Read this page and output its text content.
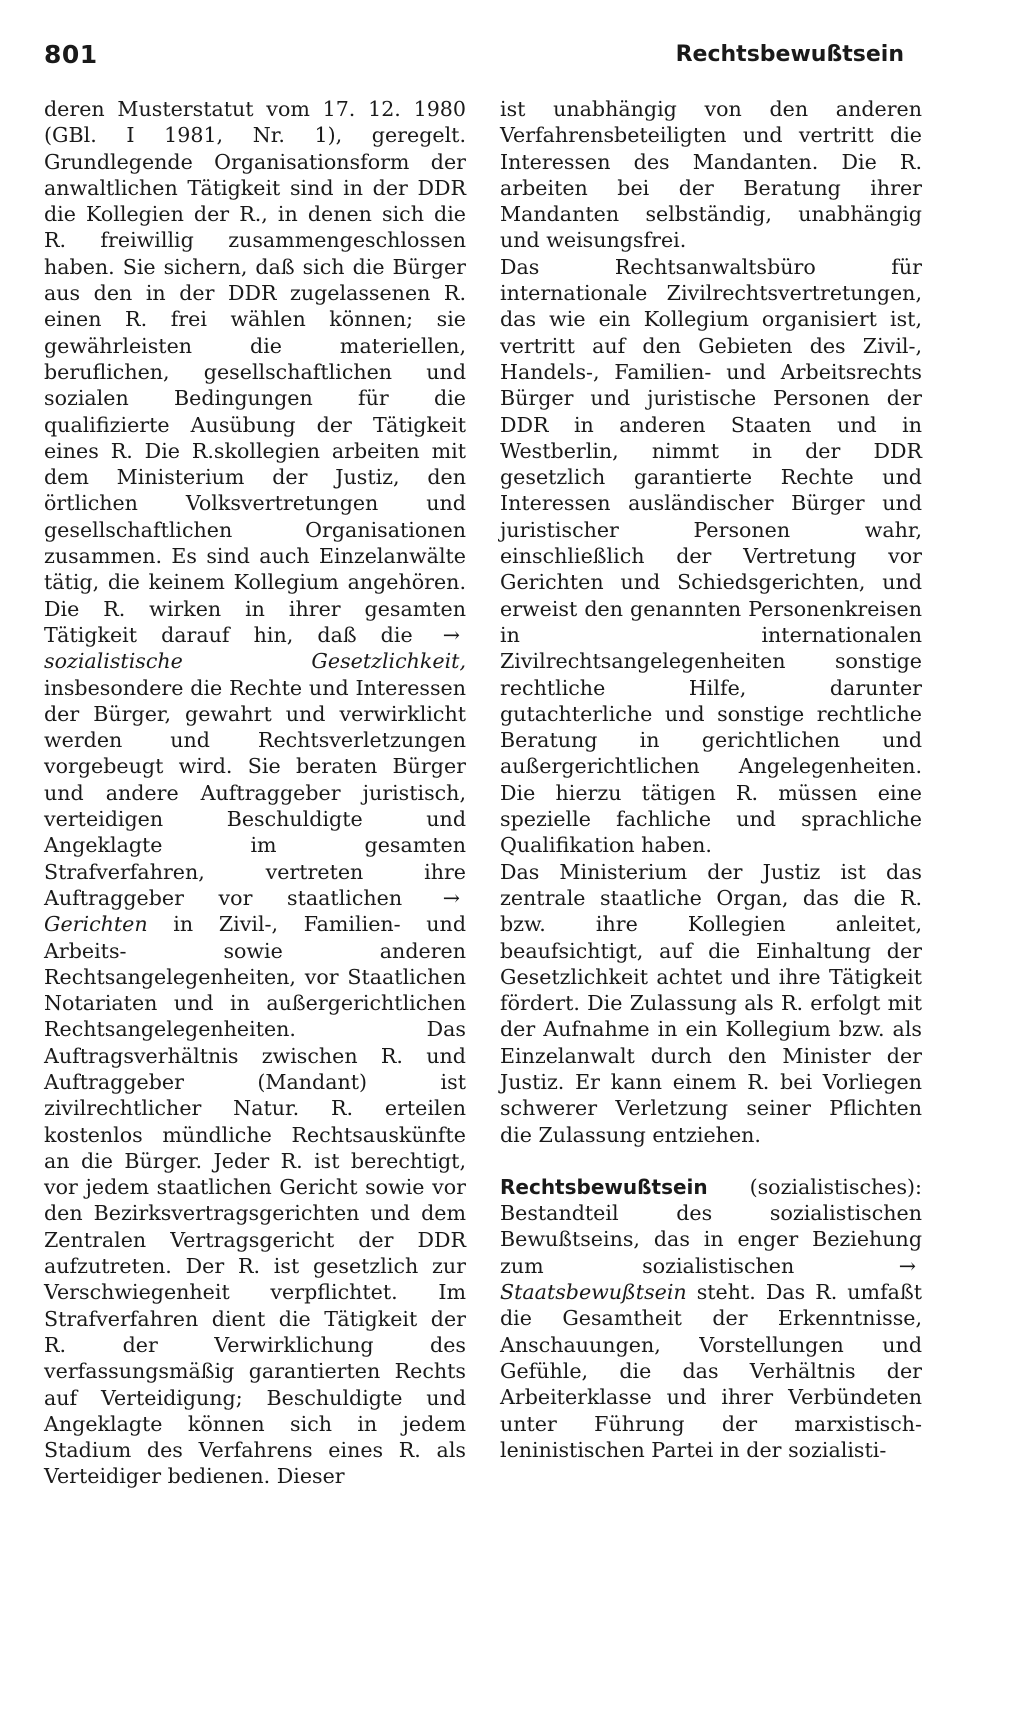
801	Rechtsbewußtsein

deren Musterstatut vom 17. 12. 1980 (GBl. I 1981, Nr. 1), geregelt. Grundlegende Organisationsform der anwaltlichen Tätigkeit sind in der DDR die Kollegien der R., in denen sich die R. freiwillig zusammengeschlossen haben. Sie sichern, daß sich die Bürger aus den in der DDR zugelassenen R. einen R. frei wählen können; sie gewährleisten die materiellen, beruflichen, gesellschaftlichen und sozialen Bedingungen für die qualifizierte Ausübung der Tätigkeit eines R. Die R.skollegien arbeiten mit dem Ministerium der Justiz, den örtlichen Volksvertretungen und gesellschaftlichen Organisationen zusammen. Es sind auch Einzelanwälte tätig, die keinem Kollegium angehören. Die R. wirken in ihrer gesamten Tätigkeit darauf hin, daß die → sozialistische Gesetzlichkeit, insbesondere die Rechte und Interessen der Bürger, gewahrt und verwirklicht werden und Rechtsverletzungen vorgebeugt wird. Sie beraten Bürger und andere Auftraggeber juristisch, verteidigen Beschuldigte und Angeklagte im gesamten Strafverfahren, vertreten ihre Auftraggeber vor staatlichen → Gerichten in Zivil-, Familien- und Arbeits- sowie anderen Rechtsangelegenheiten, vor Staatlichen Notariaten und in außergerichtlichen Rechtsangelegenheiten. Das Auftragsverhältnis zwischen R. und Auftraggeber (Mandant) ist zivilrechtlicher Natur. R. erteilen kostenlos mündliche Rechtsauskünfte an die Bürger. Jeder R. ist berechtigt, vor jedem staatlichen Gericht sowie vor den Bezirksvertragsgerichten und dem Zentralen Vertragsgericht der DDR aufzutreten. Der R. ist gesetzlich zur Verschwiegenheit verpflichtet. Im Strafverfahren dient die Tätigkeit der R. der Verwirklichung des verfassungsmäßig garantierten Rechts auf Verteidigung; Beschuldigte und Angeklagte können sich in jedem Stadium des Verfahrens eines R. als Verteidiger bedienen. Dieser

ist unabhängig von den anderen Verfahrensbeteiligten und vertritt die Interessen des Mandanten. Die R. arbeiten bei der Beratung ihrer Mandanten selbständig, unabhängig und weisungsfrei.

Das Rechtsanwaltsbüro für internationale Zivilrechtsvertretungen, das wie ein Kollegium organisiert ist, vertritt auf den Gebieten des Zivil-, Handels-, Familien- und Arbeitsrechts Bürger und juristische Personen der DDR in anderen Staaten und in Westberlin, nimmt in der DDR gesetzlich garantierte Rechte und Interessen ausländischer Bürger und juristischer Personen wahr, einschließlich der Vertretung vor Gerichten und Schiedsgerichten, und erweist den genannten Personenkreisen in internationalen Zivilrechtsangelegenheiten sonstige rechtliche Hilfe, darunter gutachterliche und sonstige rechtliche Beratung in gerichtlichen und außergerichtlichen Angelegenheiten. Die hierzu tätigen R. müssen eine spezielle fachliche und sprachliche Qualifikation haben.

Das Ministerium der Justiz ist das zentrale staatliche Organ, das die R. bzw. ihre Kollegien anleitet, beaufsichtigt, auf die Einhaltung der Gesetzlichkeit achtet und ihre Tätigkeit fördert. Die Zulassung als R. erfolgt mit der Aufnahme in ein Kollegium bzw. als Einzelanwalt durch den Minister der Justiz. Er kann einem R. bei Vorliegen schwerer Verletzung seiner Pflichten die Zulassung entziehen.

Rechtsbewußtsein (sozialistisches): Bestandteil des sozialistischen Bewußtseins, das in enger Beziehung zum sozialistischen	→ Staatsbewußtsein steht. Das R. umfaßt die Gesamtheit der Erkenntnisse, Anschauungen, Vorstellungen und Gefühle, die das Verhältnis der Arbeiterklasse und ihrer Verbündeten unter Führung der marxistisch-leninistischen Partei in der sozialisti-
